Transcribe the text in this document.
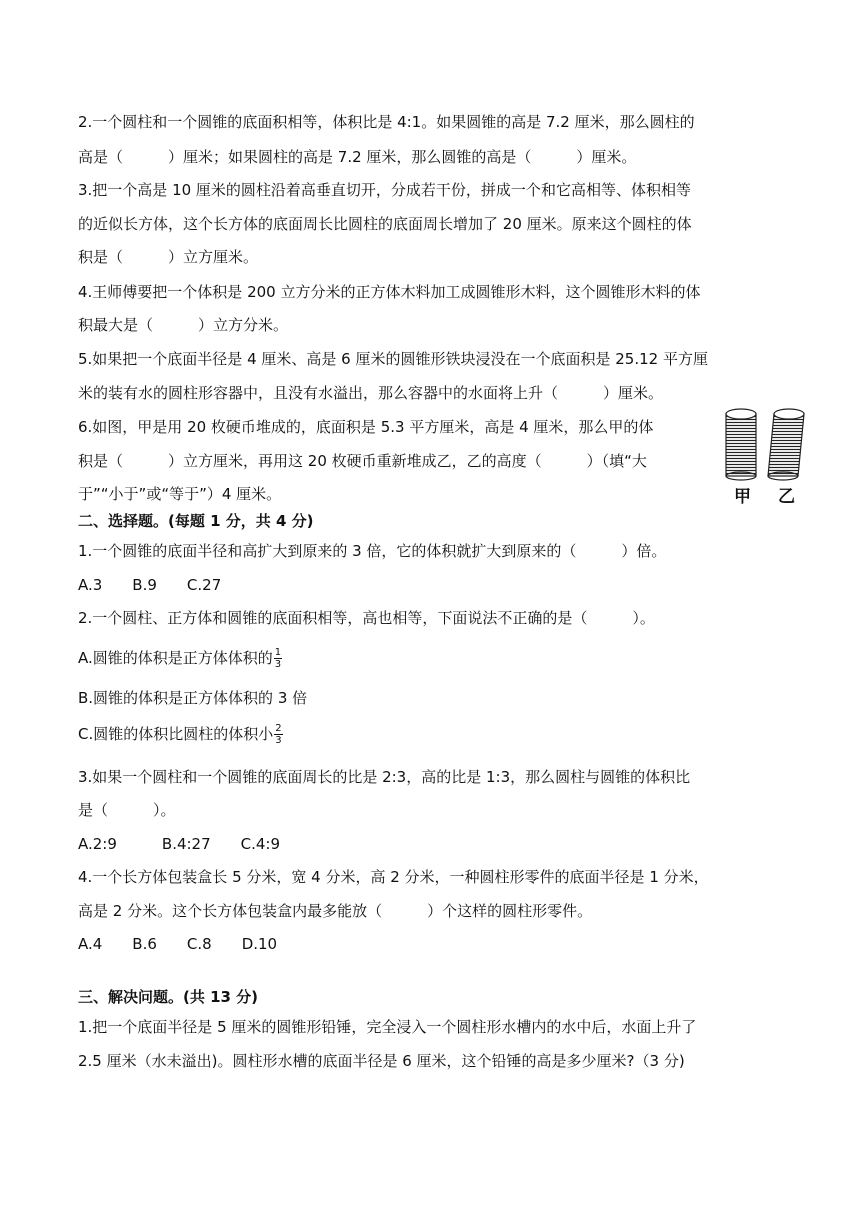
2.一个圆柱和一个圆锥的底面积相等，体积比是 4:1。如果圆锥的高是 7.2 厘米，那么圆柱的
高是（　　　）厘米；如果圆柱的高是 7.2 厘米，那么圆锥的高是（　　　）厘米。
3.把一个高是 10 厘米的圆柱沿着高垂直切开，分成若干份，拼成一个和它高相等、体积相等
的近似长方体，这个长方体的底面周长比圆柱的底面周长增加了 20 厘米。原来这个圆柱的体
积是（　　　）立方厘米。
4.王师傅要把一个体积是 200 立方分米的正方体木料加工成圆锥形木料，这个圆锥形木料的体
积最大是（　　　）立方分米。
5.如果把一个底面半径是 4 厘米、高是 6 厘米的圆锥形铁块浸没在一个底面积是 25.12 平方厘
米的装有水的圆柱形容器中，且没有水溢出，那么容器中的水面将上升（　　　）厘米。
6.如图，甲是用 20 枚硬币堆成的，底面积是 5.3 平方厘米，高是 4 厘米，那么甲的体
积是（　　　）立方厘米，再用这 20 枚硬币重新堆成乙，乙的高度（　　　）（填“大
于”“小于”或“等于”）4 厘米。	甲 乙
二、选择题。(每题 1 分，共 4 分)
1.一个圆锥的底面半径和高扩大到原来的 3 倍，它的体积就扩大到原来的（　　　）倍。
A.3　　B.9　　C.27
2.一个圆柱、正方体和圆锥的底面积相等，高也相等，下面说法不正确的是（　　　）。
A.圆锥的体积是正方体体积的 $\frac{1}{3}$
B.圆锥的体积是正方体体积的 3 倍
C.圆锥的体积比圆柱的体积小 $\frac{2}{3}$
3.如果一个圆柱和一个圆锥的底面周长的比是 2:3，高的比是 1:3，那么圆柱与圆锥的体积比
是（　　　）。
A.2:9　　　B.4:27　　C.4:9
4.一个长方体包装盒长 5 分米，宽 4 分米，高 2 分米，一种圆柱形零件的底面半径是 1 分米，
高是 2 分米。这个长方体包装盒内最多能放（　　　）个这样的圆柱形零件。
A.4　　B.6　　C.8　　D.10
三、解决问题。(共 13 分)
1.把一个底面半径是 5 厘米的圆锥形铅锤，完全浸入一个圆柱形水槽内的水中后，水面上升了
2.5 厘米（水未溢出)。圆柱形水槽的底面半径是 6 厘米，这个铅锤的高是多少厘米?（3 分)
